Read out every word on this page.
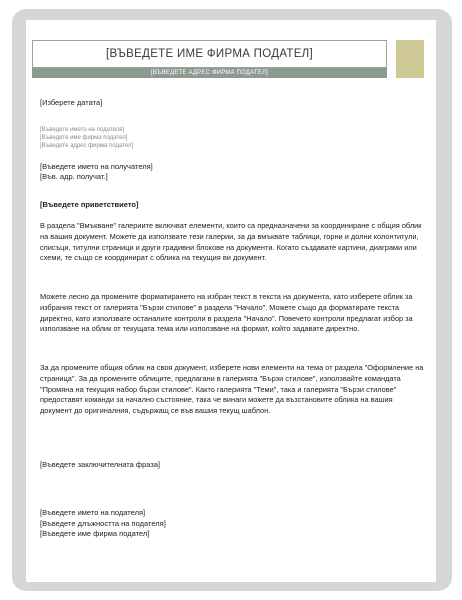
[ВЪВЕДЕТЕ ИМЕ ФИРМА ПОДАТЕЛ]
[ВЪВЕДЕТЕ АДРЕС ФИРМА ПОДАТЕЛ]
[Изберете датата]
[Въведете името на подателя]
[Въведете име фирма подател]
[Въведете адрес фирма подател]
[Въведете името на получателя]
[Във. адр. получат.]
[Въведете приветствието]

В раздела "Вмъкване" галериите включват елементи, които са предназначени за координиране с общия облик на вашия документ. Можете да използвате тези галерии, за да вмъквате таблици, горни и долни колонтитули, списъци, титулни страници и други градивни блокове на документи. Когато създавате картини, диаграми или схеми, те също се координират с облика на текущия ви документ.

Можете лесно да промените форматирането на избран текст в текста на документа, като изберете облик за избрания текст от галерията "Бързи стилове" в раздела "Начало". Можете също да форматирате текста директно, като използвате останалите контроли в раздела "Начало". Повечето контроли предлагат избор за използване на облик от текущата тема или използване на формат, който задавате директно.

За да промените общия облик на своя документ, изберете нови елементи на тема от раздела "Оформление на страница". За да промените облиците, предлагани в галерията "Бързи стилове", използвайте командата "Промяна на текущия набор бързи стилове". Както галерията "Теми", така и галерията "Бързи стилове" предоставят команди за начално състояние, така че винаги можете да възстановите облика на вашия документ до оригиналния, съдържащ се във вашия текущ шаблон.

[Въведете заключителната фраза]
[Въведете името на подателя]
[Въведете длъжността на подателя]
[Въведете име фирма подател]
